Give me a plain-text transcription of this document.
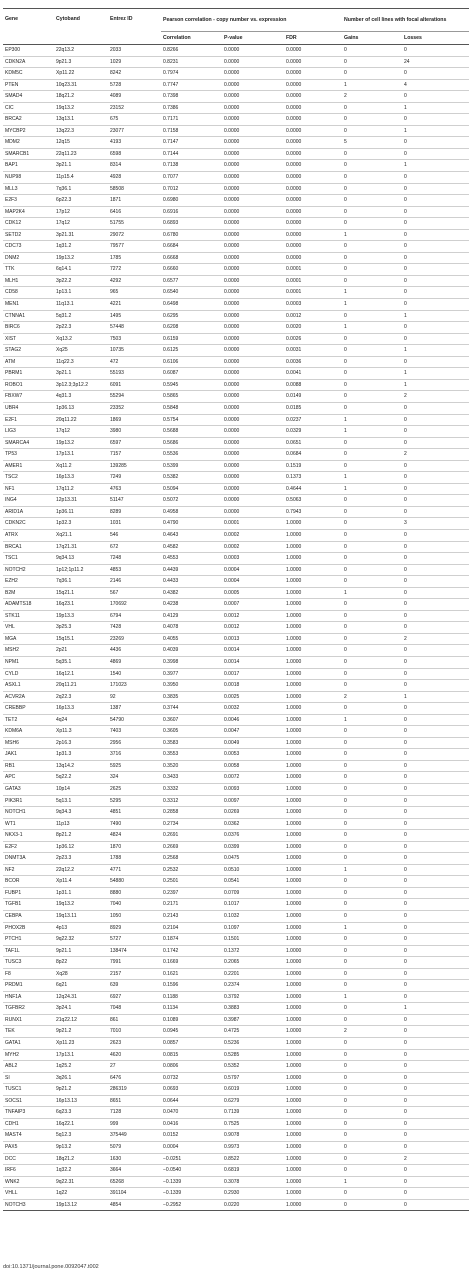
Gene	Cytoband	Entrez ID	Pearson correlation - copy number vs. expression			Number of cell lines with focal alterations	
			Correlation	P-value	FDR	Gains	Losses
EP300	22q13.2	2033	0.8266	0.0000	0.0000	0	0
CDKN2A	9p21.3	1029	0.8231	0.0000	0.0000	0	24
KDM5C	Xp11.22	8242	0.7974	0.0000	0.0000	0	0
PTEN	10q23.31	5728	0.7747	0.0000	0.0000	1	4
SMAD4	18q21.2	4089	0.7398	0.0000	0.0000	2	0
CIC	19q13.2	23152	0.7386	0.0000	0.0000	0	1
BRCA2	13q13.1	675	0.7171	0.0000	0.0000	0	0
MYCBP2	13q22.3	23077	0.7158	0.0000	0.0000	0	1
MDM2	12q15	4193	0.7147	0.0000	0.0000	5	0
SMARCB1	22q11.23	6598	0.7144	0.0000	0.0000	0	0
BAP1	3p21.1	8314	0.7138	0.0000	0.0000	0	1
NUP98	11p15.4	4928	0.7077	0.0000	0.0000	0	0
MLL3	7q36.1	58508	0.7012	0.0000	0.0000	0	0
E2F3	6p22.3	1871	0.6980	0.0000	0.0000	0	0
MAP2K4	17p12	6416	0.6916	0.0000	0.0000	0	0
CDK12	17q12	51755	0.6893	0.0000	0.0000	0	0
SETD2	3p21.31	29072	0.6780	0.0000	0.0000	1	0
CDC73	1q31.2	79577	0.6684	0.0000	0.0000	0	0
DNM2	19p13.2	1785	0.6668	0.0000	0.0000	0	0
TTK	6q14.1	7272	0.6660	0.0000	0.0001	0	0
MLH1	3p22.2	4292	0.6577	0.0000	0.0001	0	0
CD58	1p13.1	965	0.6540	0.0000	0.0001	1	0
MEN1	11q13.1	4221	0.6498	0.0000	0.0003	1	0
CTNNA1	5q31.2	1495	0.6295	0.0000	0.0012	0	1
BIRC6	2p22.3	57448	0.6208	0.0000	0.0020	1	0
XIST	Xq13.2	7503	0.6159	0.0000	0.0026	0	0
STAG2	Xq25	10735	0.6125	0.0000	0.0031	0	1
ATM	11q22.3	472	0.6106	0.0000	0.0036	0	0
PBRM1	3p21.1	55193	0.6087	0.0000	0.0041	0	1
ROBO1	3p12.3;3p12.2	6091	0.5945	0.0000	0.0088	0	1
FBXW7	4q31.3	55294	0.5865	0.0000	0.0149	0	2
UBR4	1p36.13	23352	0.5848	0.0000	0.0185	0	0
E2F1	20q11.22	1869	0.5754	0.0000	0.0237	1	0
LIG3	17q12	3980	0.5688	0.0000	0.0329	1	0
SMARCA4	19p13.2	6597	0.5686	0.0000	0.0651	0	0
TP53	17p13.1	7157	0.5536	0.0000	0.0684	0	2
AMER1	Xq11.2	139285	0.5399	0.0000	0.1519	0	0
TSC2	16p13.3	7249	0.5382	0.0000	0.1373	1	0
NF1	17q11.2	4763	0.5094	0.0000	0.4644	1	0
ING4	12p13.31	51147	0.5072	0.0000	0.5063	0	0
ARID1A	1p36.11	8289	0.4958	0.0000	0.7943	0	0
CDKN2C	1p32.3	1031	0.4790	0.0001	1.0000	0	3
ATRX	Xq21.1	546	0.4643	0.0002	1.0000	0	0
BRCA1	17q21.31	672	0.4582	0.0002	1.0000	0	0
TSC1	9q34.13	7248	0.4553	0.0003	1.0000	0	0
NOTCH2	1p12;1p11.2	4853	0.4439	0.0004	1.0000	0	0
EZH2	7q36.1	2146	0.4433	0.0004	1.0000	0	0
B2M	15q21.1	567	0.4382	0.0005	1.0000	1	0
ADAMTS18	16q23.1	170692	0.4238	0.0007	1.0000	0	0
STK11	19p13.3	6794	0.4129	0.0012	1.0000	0	0
VHL	3p25.3	7428	0.4078	0.0012	1.0000	0	0
MGA	15q15.1	23269	0.4055	0.0013	1.0000	0	2
MSH2	2p21	4436	0.4039	0.0014	1.0000	0	0
NPM1	5q35.1	4869	0.3998	0.0014	1.0000	0	0
CYLD	16q12.1	1540	0.3977	0.0017	1.0000	0	0
ASXL1	20q11.21	171023	0.3950	0.0018	1.0000	0	0
ACVR2A	2q22.3	92	0.3835	0.0025	1.0000	2	1
CREBBP	16p13.3	1387	0.3744	0.0032	1.0000	0	0
TET2	4q24	54790	0.3607	0.0046	1.0000	1	0
KDM6A	Xp11.3	7403	0.3605	0.0047	1.0000	0	0
MSH6	2p16.3	2956	0.3583	0.0049	1.0000	0	0
JAK1	1p31.3	3716	0.3553	0.0053	1.0000	0	0
RB1	13q14.2	5925	0.3520	0.0058	1.0000	0	0
APC	5q22.2	324	0.3433	0.0072	1.0000	0	0
GATA3	10p14	2625	0.3332	0.0093	1.0000	0	0
PIK3R1	5q13.1	5295	0.3312	0.0097	1.0000	0	0
NOTCH1	9q34.3	4851	0.2858	0.0269	1.0000	0	0
WT1	11p13	7490	0.2734	0.0362	1.0000	0	0
NKX3-1	8p21.2	4824	0.2691	0.0376	1.0000	0	0
E2F2	1p36.12	1870	0.2669	0.0399	1.0000	0	0
DNMT3A	2p23.3	1788	0.2568	0.0475	1.0000	0	0
NF2	22q12.2	4771	0.2532	0.0510	1.0000	1	0
BCOR	Xp11.4	54880	0.2501	0.0541	1.0000	0	0
FUBP1	1p31.1	8880	0.2397	0.0709	1.0000	0	0
TGFB1	19q13.2	7040	0.2171	0.1017	1.0000	0	0
CEBPA	19q13.11	1050	0.2143	0.1032	1.0000	0	0
PHOX2B	4p13	8929	0.2104	0.1097	1.0000	1	0
PTCH1	9q22.32	5727	0.1874	0.1501	1.0000	0	0
TAF1L	9p21.1	138474	0.1742	0.1372	1.0000	0	0
TUSC3	8p22	7991	0.1669	0.2065	1.0000	0	0
F8	Xq28	2157	0.1621	0.2201	1.0000	0	0
PRDM1	6q21	639	0.1596	0.2374	1.0000	0	0
HNF1A	12q24.31	6927	0.1188	0.3792	1.0000	1	0
TGFBR2	3p24.1	7048	0.1134	0.3883	1.0000	0	1
RUNX1	21q22.12	861	0.1089	0.3987	1.0000	0	0
TEK	9p21.2	7010	0.0945	0.4725	1.0000	2	0
GATA1	Xp11.23	2623	0.0857	0.5236	1.0000	0	0
MYH2	17p13.1	4620	0.0815	0.5285	1.0000	0	0
ABL2	1q25.2	27	0.0806	0.5352	1.0000	0	0
SI	3q26.1	6476	0.0732	0.5797	1.0000	0	0
TUSC1	9p21.2	286319	0.0693	0.6019	1.0000	0	0
SOCS1	16p13.13	8651	0.0644	0.6279	1.0000	0	0
TNFAIP3	6q23.3	7128	0.0470	0.7139	1.0000	0	0
CDH1	16q22.1	999	0.0416	0.7525	1.0000	0	0
MAST4	5q12.3	375449	0.0152	0.9078	1.0000	0	0
PAX5	9p13.2	5079	0.0004	0.9973	1.0000	0	0
DCC	18q21.2	1630	−0.0251	0.8522	1.0000	0	2
IRF6	1q32.2	3664	−0.0540	0.6819	1.0000	0	0
WNK2	9q22.31	65268	−0.1339	0.3078	1.0000	1	0
VHLL	1q22	391104	−0.1339	0.2930	1.0000	0	0
NOTCH3	19p13.12	4854	−0.2952	0.0220	1.0000	0	0
doi:10.1371/journal.pone.0092047.t002
